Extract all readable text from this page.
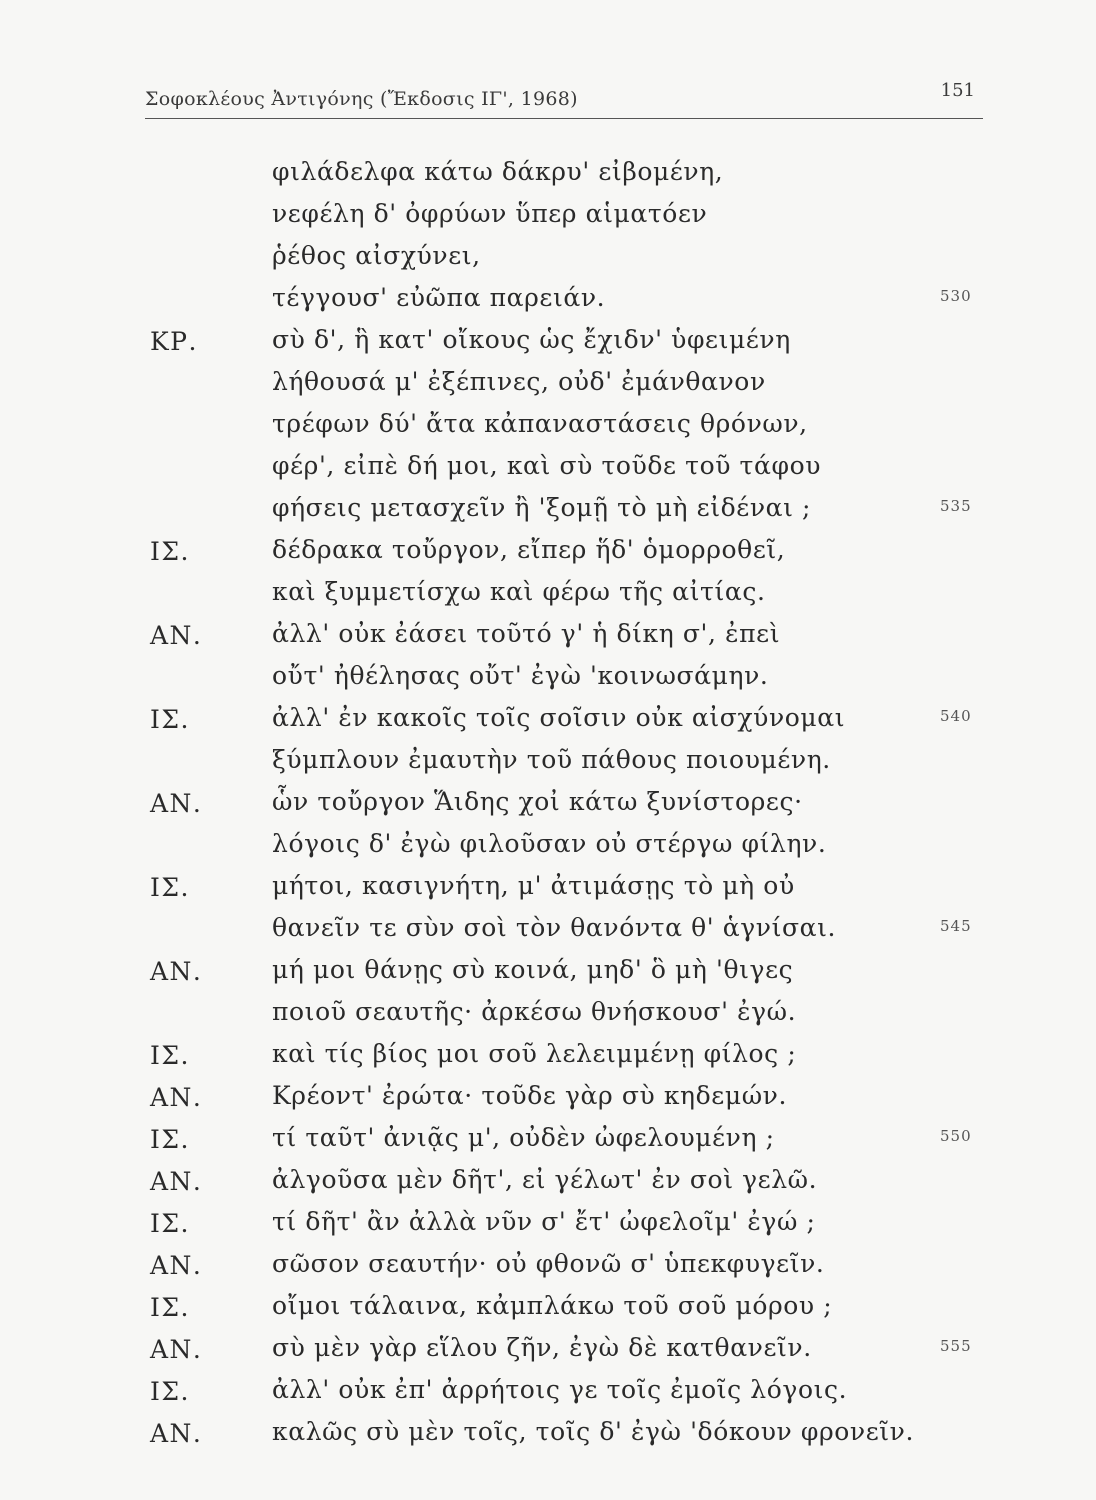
Σοφοκλέους Ἀντιγόνης (Ἔκδοσις ΙΓ', 1968)	151
φιλάδελφα κάτω δάκρυ' εἰβομένη,
νεφέλη δ' ὀφρύων ὕπερ αἱματόεν
ῥέθος αἰσχύνει,
τέγγουσ' εὐῶπα παρειάν.	530
ΚΡ.	σὺ δ', ἣ κατ' οἴκους ὡς ἔχιδν' ὑφειμένη
λήθουσά μ' ἐξέπινες, οὐδ' ἐμάνθανον
τρέφων δύ' ἄτα κἀπαναστάσεις θρόνων,
φέρ', εἰπὲ δή μοι, καὶ σὺ τοῦδε τοῦ τάφου
φήσεις μετασχεῖν ἢ 'ξομῇ τὸ μὴ εἰδέναι ;	535
ΙΣ.	δέδρακα τοὔργον, εἴπερ ἥδ' ὁμορροθεῖ,
καὶ ξυμμετίσχω καὶ φέρω τῆς αἰτίας.
ΑΝ.	ἀλλ' οὐκ ἐάσει τοῦτό γ' ἡ δίκη σ', ἐπεὶ
οὔτ' ἠθέλησας οὔτ' ἐγὼ 'κοινωσάμην.
ΙΣ.	ἀλλ' ἐν κακοῖς τοῖς σοῖσιν οὐκ αἰσχύνομαι	540
ξύμπλουν ἐμαυτὴν τοῦ πάθους ποιουμένη.
ΑΝ.	ὧν τοὔργον Ἅιδης χοἰ κάτω ξυνίστορες·
λόγοις δ' ἐγὼ φιλοῦσαν οὐ στέργω φίλην.
ΙΣ.	μήτοι, κασιγνήτη, μ' ἀτιμάσῃς τὸ μὴ οὐ
θανεῖν τε σὺν σοὶ τὸν θανόντα θ' ἁγνίσαι.	545
ΑΝ.	μή μοι θάνῃς σὺ κοινά, μηδ' ὃ μὴ 'θιγες
ποιοῦ σεαυτῆς· ἀρκέσω θνήσκουσ' ἐγώ.
ΙΣ.	καὶ τίς βίος μοι σοῦ λελειμμένῃ φίλος ;
ΑΝ.	Κρέοντ' ἐρώτα· τοῦδε γὰρ σὺ κηδεμών.
ΙΣ.	τί ταῦτ' ἀνιᾷς μ', οὐδὲν ὠφελουμένη ;	550
ΑΝ.	ἀλγοῦσα μὲν δῆτ', εἰ γέλωτ' ἐν σοὶ γελῶ.
ΙΣ.	τί δῆτ' ἂν ἀλλὰ νῦν σ' ἔτ' ὠφελοῖμ' ἐγώ ;
ΑΝ.	σῶσον σεαυτήν· οὐ φθονῶ σ' ὑπεκφυγεῖν.
ΙΣ.	οἴμοι τάλαινα, κἀμπλάκω τοῦ σοῦ μόρου ;
ΑΝ.	σὺ μὲν γὰρ εἵλου ζῆν, ἐγὼ δὲ κατθανεῖν.	555
ΙΣ.	ἀλλ' οὐκ ἐπ' ἀρρήτοις γε τοῖς ἐμοῖς λόγοις.
ΑΝ.	καλῶς σὺ μὲν τοῖς, τοῖς δ' ἐγὼ 'δόκουν φρονεῖν.
